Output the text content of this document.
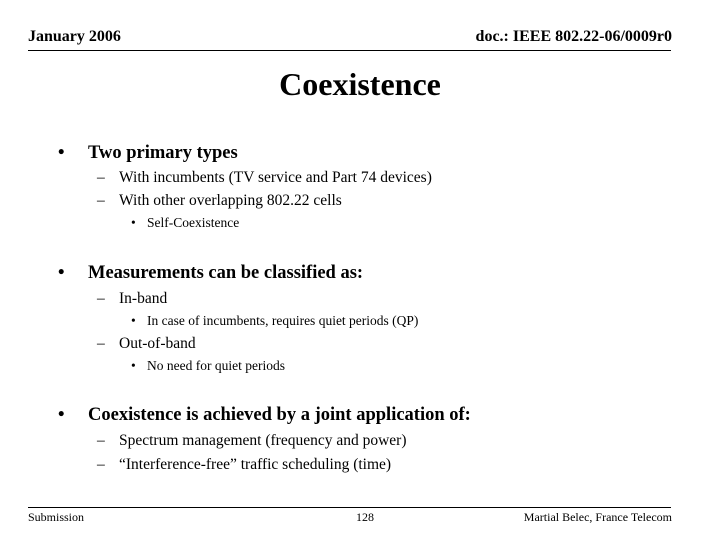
January 2006	doc.: IEEE 802.22-06/0009r0
Coexistence
• Two primary types
– With incumbents (TV service and Part 74 devices)
– With other overlapping 802.22 cells
• Self-Coexistence
• Measurements can be classified as:
– In-band
• In case of incumbents, requires quiet periods (QP)
– Out-of-band
• No need for quiet periods
• Coexistence is achieved by a joint application of:
– Spectrum management (frequency and power)
– “Interference-free” traffic scheduling (time)
Submission	128	Martial Belec, France Telecom
